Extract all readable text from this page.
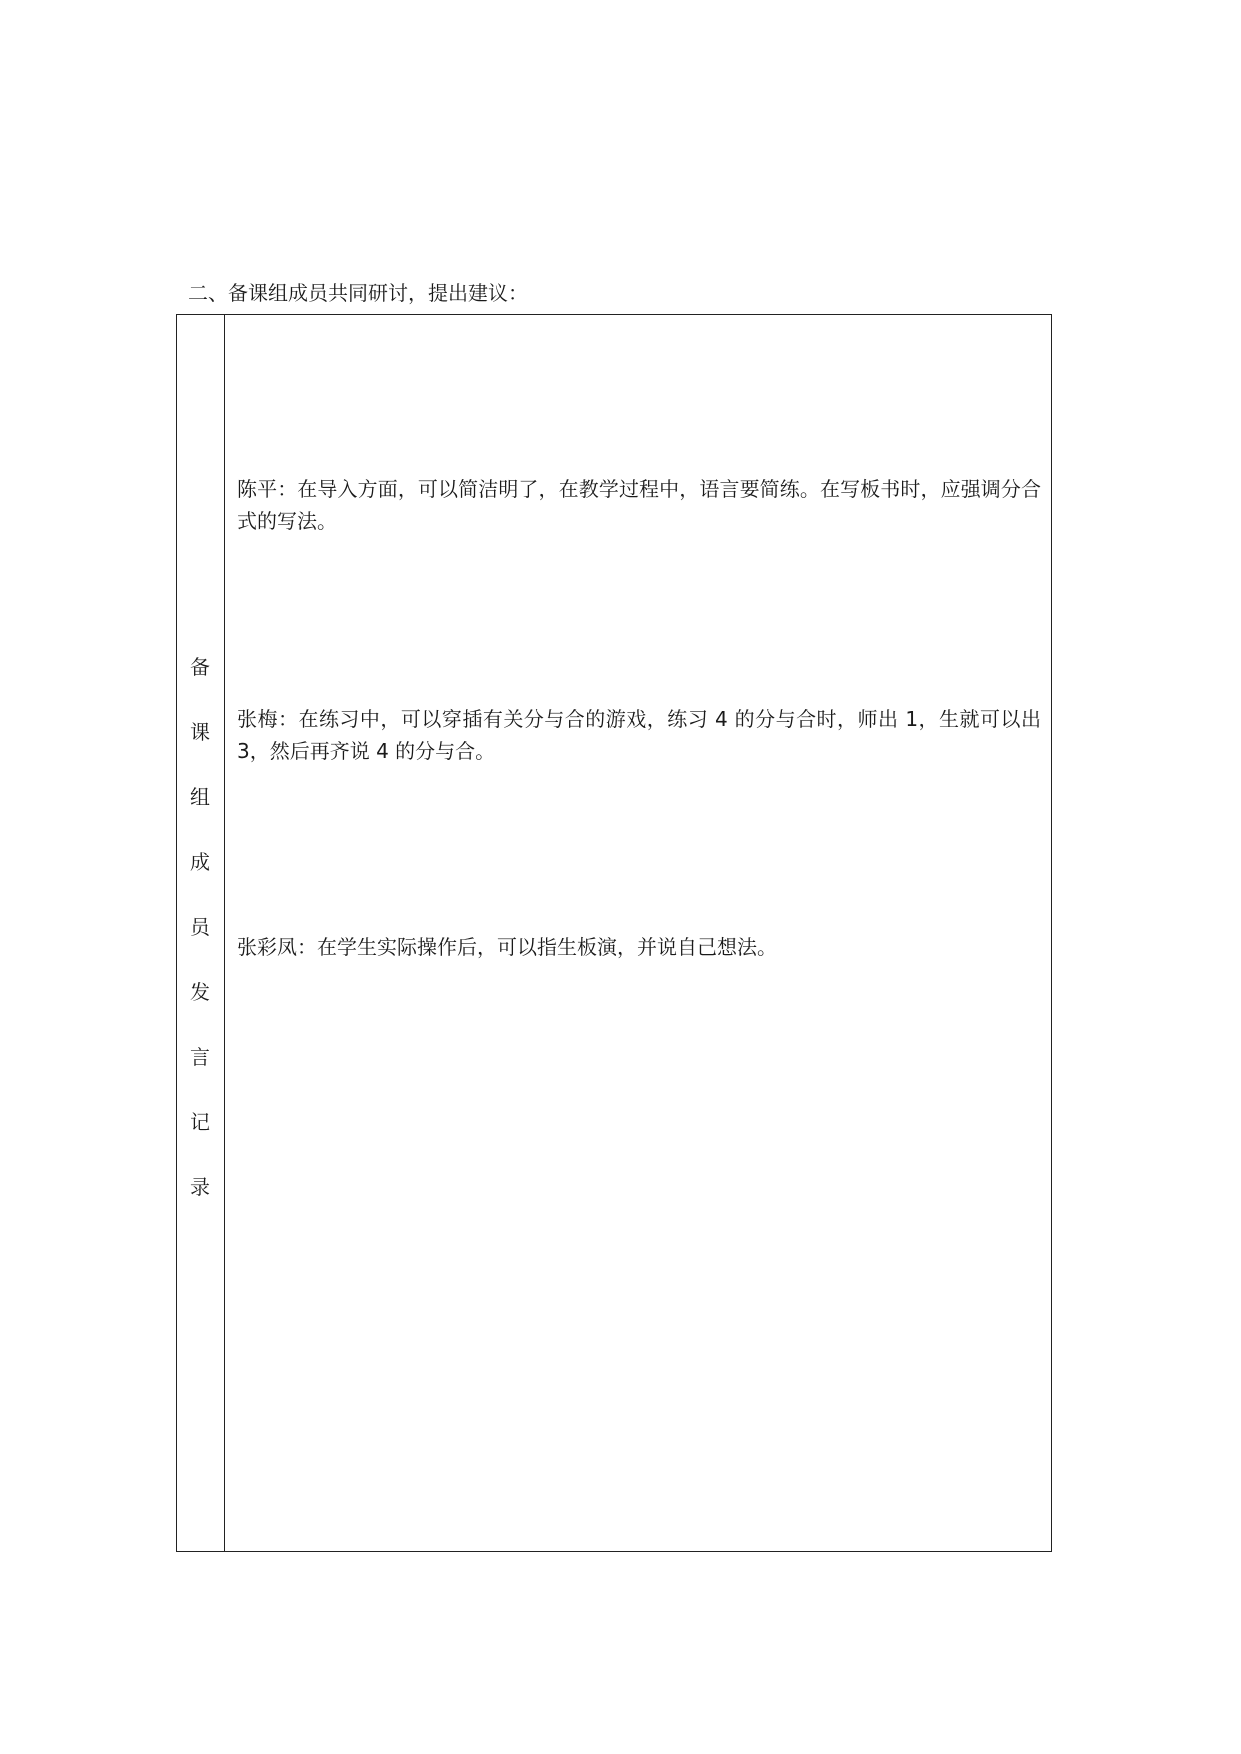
二、备课组成员共同研讨，提出建议：
备
课
组
成
员
发
言
记
录
陈平：在导入方面，可以简洁明了，在教学过程中，语言要简练。在写板书时，应强调分合式的写法。
张梅：在练习中，可以穿插有关分与合的游戏，练习 4 的分与合时，师出 1，生就可以出 3，然后再齐说 4 的分与合。
张彩凤：在学生实际操作后，可以指生板演，并说自己想法。
